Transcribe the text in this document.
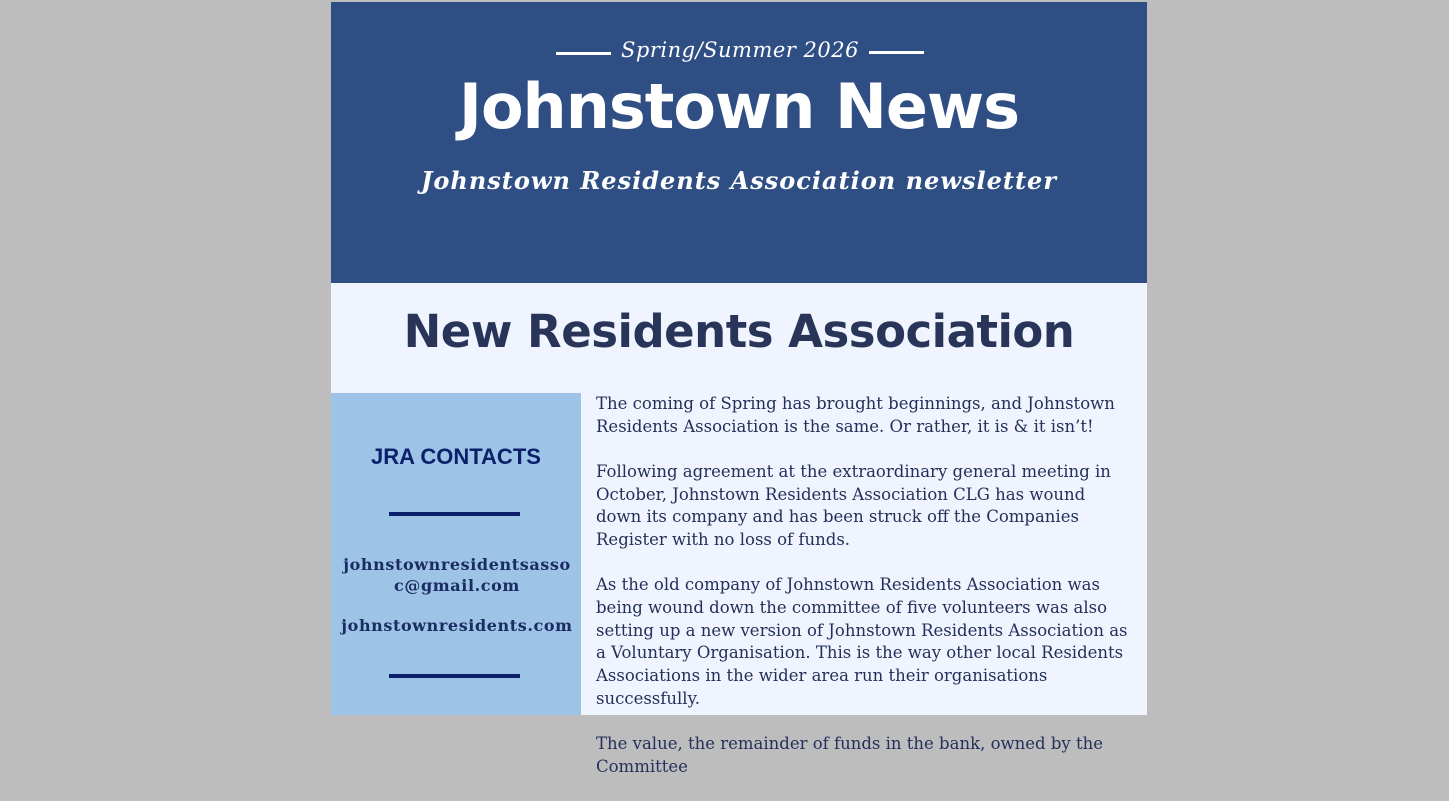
Spring/Summer 2026
Johnstown News
Johnstown Residents Association newsletter
New Residents Association
JRA CONTACTS
johnstownresidentsassoc@gmail.com
johnstownresidents.com

The coming of Spring has brought beginnings, and Johnstown Residents Association is the same. Or rather, it is & it isn’t!

Following agreement at the extraordinary general meeting in October, Johnstown Residents Association CLG has wound down its company and has been struck off the Companies Register with no loss of funds.

As the old company of Johnstown Residents Association was being wound down the committee of five volunteers was also setting up a new version of Johnstown Residents Association as a Voluntary Organisation. This is the way other local Residents Associations in the wider area run their organisations successfully.

The value, the remainder of funds in the bank, owned by the Committee
